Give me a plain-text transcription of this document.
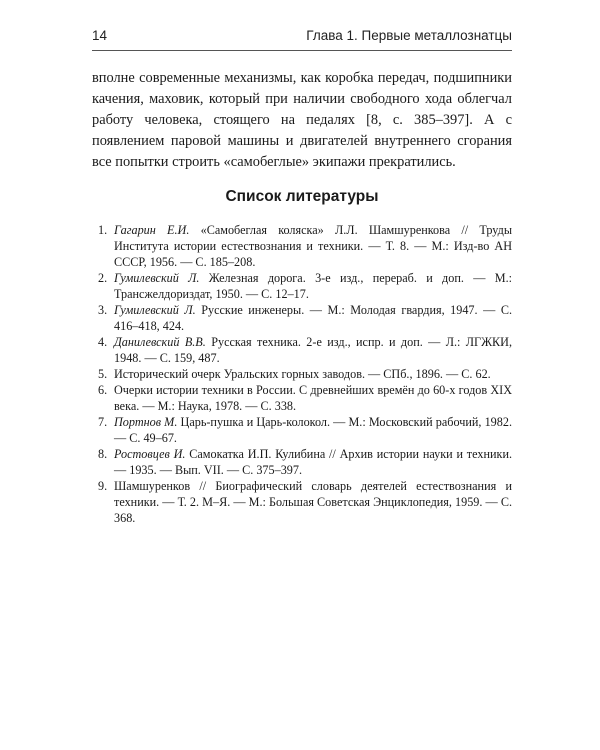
14	Глава 1. Первые металлознатцы

вполне современные механизмы, как коробка передач, подшипники качения, маховик, который при наличии свободного хода облегчал работу человека, стоящего на педалях [8, с. 385–397]. А с появлением паровой машины и двигателей внутреннего сгорания все попытки строить «самобеглые» экипажи прекратились.

Список литературы
1. Гагарин Е.И. «Самобеглая коляска» Л.Л. Шамшуренкова // Труды Института истории естествознания и техники. — Т. 8. — М.: Изд-во АН СССР, 1956. — С. 185–208.
2. Гумилевский Л. Железная дорога. 3-е изд., перераб. и доп. — М.: Трансжелдориздат, 1950. — С. 12–17.
3. Гумилевский Л. Русские инженеры. — М.: Молодая гвардия, 1947. — С. 416–418, 424.
4. Данилевский В.В. Русская техника. 2-е изд., испр. и доп. — Л.: ЛГЖКИ, 1948. — С. 159, 487.
5. Исторический очерк Уральских горных заводов. — СПб., 1896. — С. 62.
6. Очерки истории техники в России. С древнейших времён до 60-х годов XIX века. — М.: Наука, 1978. — С. 338.
7. Портнов М. Царь-пушка и Царь-колокол. — М.: Московский рабочий, 1982. — С. 49–67.
8. Ростовцев И. Самокатка И.П. Кулибина // Архив истории науки и техники. — 1935. — Вып. VII. — С. 375–397.
9. Шамшуренков // Биографический словарь деятелей естествознания и техники. — Т. 2. М–Я. — М.: Большая Советская Энциклопедия, 1959. — С. 368.
